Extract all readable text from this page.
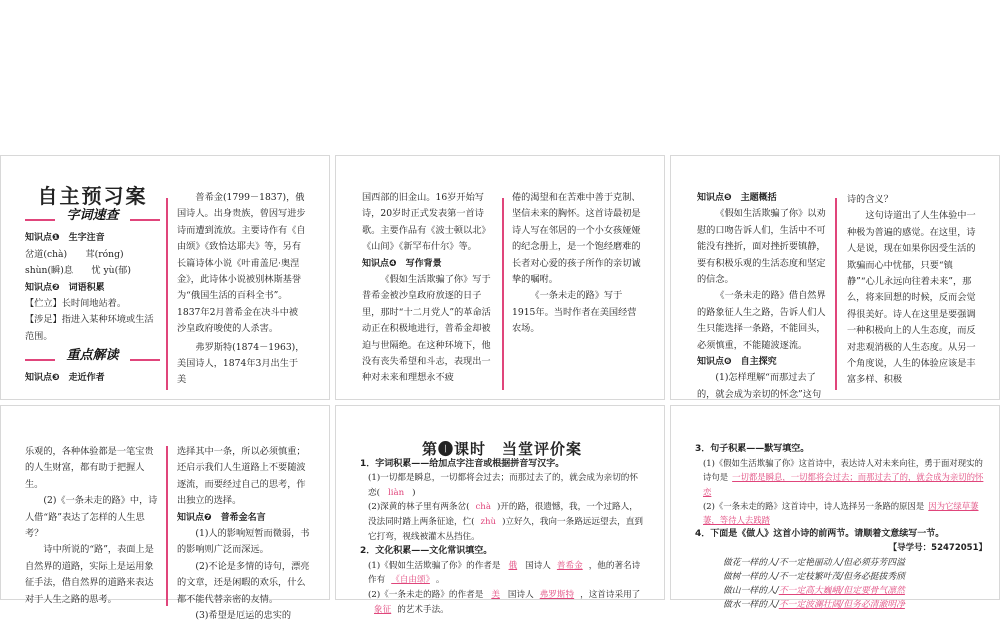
自主预习案
字词速查
知识点❶　生字注音
岔道(chà)　　茸(róng)
shùn(瞬)息　　忧 yù(郁)
知识点❷　词语积累
【伫立】长时间地站着。
【涉足】指进入某种环境或生活范围。
重点解读
知识点❸　走近作者

普希金(1799－1837)，俄国诗人。出身贵族，曾因写进步诗而遭到流放。主要诗作有《自由颂》《致恰达耶夫》等，另有长篇诗体小说《叶甫盖尼·奥涅金》，此诗体小说被别林斯基誉为“俄国生活的百科全书”。1837年2月普希金在决斗中被沙皇政府唆使的人杀害。

弗罗斯特(1874－1963)，美国诗人，1874年3月出生于美

国西部的旧金山。16岁开始写诗，20岁时正式发表第一首诗歌。主要作品有《波士顿以北》《山间》《新罕布什尔》等。

知识点❹　写作背景

《假如生活欺骗了你》写于普希金被沙皇政府放逐的日子里，那时“十二月党人”的革命活动正在积极地进行，普希金却被迫与世隔绝。在这种环境下，他没有丧失希望和斗志，表现出一种对未来和理想永不疲

倦的渴望和在苦难中善于克制、坚信未来的胸怀。这首诗最初是诗人写在邻居的一个小女孩娅娅的纪念册上，是一个饱经磨难的长者对心爱的孩子所作的亲切诚挚的嘱咐。

《一条未走的路》写于1915年。当时作者在美国经营农场。

知识点❺　主题概括

《假如生活欺骗了你》以劝慰的口吻告诉人们，生活中不可能没有挫折，面对挫折要镇静，要有积极乐观的生活态度和坚定的信念。

《一条未走的路》借自然界的路象征人生之路，告诉人们人生只能选择一条路，不能回头，必须慎重，不能随波逐流。

知识点❻　自主探究

(1)怎样理解“而那过去了的，就会成为亲切的怀念”这句

诗的含义？

这句诗道出了人生体验中一种极为普遍的感觉。在这里，诗人是说，现在如果你因受生活的欺骗而心中忧郁，只要“镇静”“心儿永远向往着未来”，那么，将来回想的时候，反而会觉得很美好。诗人在这里是要强调一种积极向上的人生态度，而反对悲观消极的人生态度。从另一个角度说，人生的体验应该是丰富多样、积极

乐观的，各种体验都是一笔宝贵的人生财富，都有助于把握人生。

(2)《一条未走的路》中，诗人借“路”表达了怎样的人生思考？

诗中所说的“路”，表面上是自然界的道路，实际上是运用象征手法，借自然界的道路来表达对于人生之路的思考。

选择其中一条，所以必须慎重；还启示我们人生道路上不要随波逐流，而要经过自己的思考，作出独立的选择。

知识点❼　普希金名言

(1)人的影响短暂而微弱，书的影响则广泛而深远。

(2)不论是多情的诗句，漂亮的文章，还是闲暇的欢乐，什么都不能代替亲密的友情。

(3)希望是厄运的忠实的

第❶课时　当堂评价案
1．字词积累——给加点字注音或根据拼音写汉字。
(1)一切都是瞬息，一切都将会过去；而那过去了的，就会成为亲切的怀恋( liàn )
(2)深黄的林子里有两条岔( chà )开的路，很遗憾，我，一个过路人，没法同时踏上两条征途，伫( zhù )立好久，我向一条路远远望去，直到它打弯，视线被灌木丛挡住。
2．文化积累——文化常识填空。
(1)《假如生活欺骗了你》的作者是 俄 国诗人 普希金 ，他的著名诗作有 《自由颂》 。
(2)《一条未走的路》的作者是 美 国诗人 弗罗斯特 ，这首诗采用了象征 的艺术手法。
3．句子积累——默写填空。
(1)《假如生活欺骗了你》这首诗中，表达诗人对未来向往，勇于面对现实的诗句是 一切都是瞬息，一切都将会过去；而那过去了的，就会成为亲切的怀恋
(2)《一条未走的路》这首诗中，诗人选择另一条路的原因是 因为它绿草萋萋，等待人去践踏
4．下面是《做人》这首小诗的前两节。请顺着文意续写一节。
【导学号：52472051】

做花一样的人/不一定艳丽动人/但必须芬芳四溢

做树一样的人/不一定枝繁叶茂/但务必挺拔秀颀

做山一样的人/不一定高大巍峨/但定要骨气凛然

做水一样的人/不一定波澜壮阔/但务必清澈明净
